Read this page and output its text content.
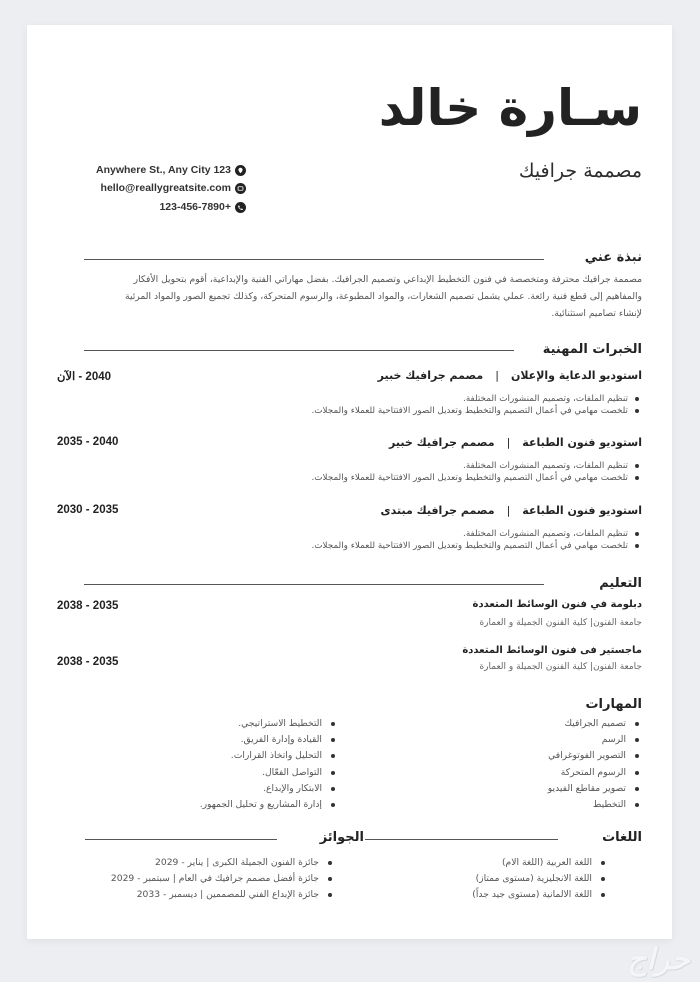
سـارة خالد
مصممة جرافيك
Anywhere St., Any City 123
hello@reallygreatsite.com
123-456-7890+
نبذة عني
مصممة جرافيك محترفة ومتخصصة في فنون التخطيط الإبداعي وتصميم الجرافيك. بفضل مهاراتي الفنية والإبداعية، أقوم بتحويل الأفكار والمفاهيم إلى قطع فنية رائعة. عملي يشمل تصميم الشعارات، والمواد المطبوعة، والرسوم المتحركة، وكذلك تجميع الصور والمواد المرئية لإنشاء تصاميم استثنائية.
الخبرات المهنية
استوديو الدعاية والإعلان|مصمم جرافيك خبير
2040 - الآن
تنظيم الملفات، وتصميم المنشورات المختلفة.
تلخصت مهامي في أعمال التصميم والتخطيط وتعديل الصور الافتتاحية للعملاء والمجلات.
استوديو فنون الطباعة|مصمم جرافيك خبير
2035 - 2040
تنظيم الملفات، وتصميم المنشورات المختلفة.
تلخصت مهامي في أعمال التصميم والتخطيط وتعديل الصور الافتتاحية للعملاء والمجلات.
استوديو فنون الطباعة|مصمم جرافيك مبتدى
2030 - 2035
تنظيم الملفات، وتصميم المنشورات المختلفة.
تلخصت مهامي في أعمال التصميم والتخطيط وتعديل الصور الافتتاحية للعملاء والمجلات.
التعليم
دبلومة في فنون الوسائط المتعددة
2038 - 2035
جامعة الفنون| كلية الفنون الجميلة و العمارة
ماجستير فى فنون الوسائط المتعددة
2038 - 2035	جامعة الفنون| كلية الفنون الجميلة و العمارة
المهارات
تصميم الجرافيك
الرسم
التصوير الفوتوغرافي
الرسوم المتحركة
تصوير مقاطع الفيديو
التخطيط
التخطيط الاستراتيجي.
القيادة وإدارة الفريق.
التحليل واتخاذ القرارات.
التواصل الفعّال.
الابتكار والإبداع.
إدارة المشاريع و تحليل الجمهور.
اللغات
اللغة العربية (اللغة الام)
اللغة الانجليزية (مستوى ممتاز)
اللغة الالمانية (مستوى جيد جداً)
الجوائز
جائزة الفنون الجميلة الكبرى | يناير - 2029
جائزة أفضل مصمم جرافيك في العام | سبتمبر - 2029
جائزة الإبداع الفني للمصممين | ديسمبر - 2033
حراج
